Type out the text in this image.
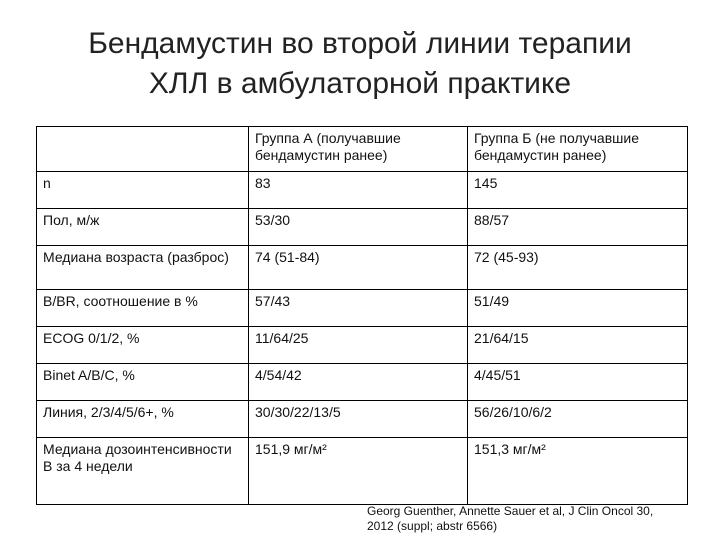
Бендамустин во второй линии терапии
ХЛЛ в амбулаторной практике
	Группа А (получавшие бендамустин ранее)	Группа Б (не получавшие бендамустин ранее)
n	83	145
Пол, м/ж	53/30	88/57
Медиана возраста (разброс)	74 (51-84)	72 (45-93)
B/BR, соотношение в %	57/43	51/49
ECOG 0/1/2, %	11/64/25	21/64/15
Binet A/B/C, %	4/54/42	4/45/51
Линия, 2/3/4/5/6+, %	30/30/22/13/5	56/26/10/6/2
Медиана дозоинтенсивности B за 4 недели	151,9 мг/м²	151,3 мг/м²
Georg Guenther, Annette Sauer et al, J Clin Oncol 30,
2012 (suppl; abstr 6566)
